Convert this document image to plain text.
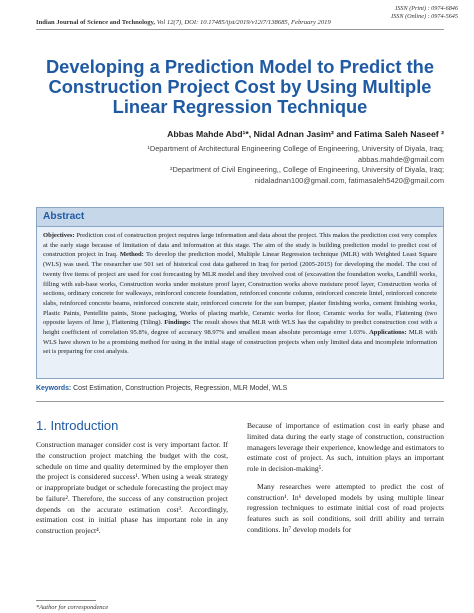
ISSN (Print) : 0974-6846
ISSN (Online) : 0974-5645
Indian Journal of Science and Technology, Vol 12(7), DOI: 10.17485/ijst/2019/v12i7/138685, February 2019
Developing a Prediction Model to Predict the Construction Project Cost by Using Multiple Linear Regression Technique
Abbas Mahde Abd¹*, Nidal Adnan Jasim² and Fatima Saleh Naseef ²
¹Department of Architectural Engineering College of Engineering, University of Diyala, Iraq;
abbas.mahde@gmail.com
²Department of Civil Engineering,, College of Engineering, University of Diyala, Iraq;
nidaladnan100@gmail.com, fatimasaleh5420@gmail.com
Abstract
Objectives: Prediction cost of construction project requires large information and data about the project. This makes the prediction cost very complex at the early stage because of limitation of data and information at this stage. The aim of the study is building prediction model to predict cost of construction project in Iraq. Method: To develop the prediction model, Multiple Linear Regression technique (MLR) with Weighted Least Square (WLS) was used. The researcher use 501 set of historical cost data gathered in Iraq for period (2005-2015) for developing the model. The cost of twenty five items of project are used for cost forecasting by MLR model and they involved cost of (excavation the foundation works, Landfill works, filling with sub-base works, Construction works under moisture proof layer, Construction works above moisture proof layer, Construction works of sections, ordinary concrete for walkways, reinforced concrete foundation, reinforced concrete column, reinforced concrete lintel, reinforced concrete slabs, reinforced concrete beams, reinforced concrete stair, reinforced concrete for the sun bumper, plaster finishing works, cement finishing works, Plastic Paints, Pentellite paints, Stone packaging, Works of placing marble, Ceramic works for floor, Ceramic works for walls, Flattening (two opposite layers of lime ), Flattening (Tiling). Findings: The result shows that MLR with WLS has the capability to predict construction cost with a height coefficient of correlation 95.8%, degree of accuracy 98.97% and smallest mean absolute percentage error 1.03%. Applications: MLR with WLS have shown to be a promising method for using in the initial stage of construction projects when only limited data and incomplete information set is preparing for cost analysis.
Keywords: Cost Estimation, Construction Projects, Regression, MLR Model, WLS
1. Introduction

Construction manager consider cost is very important factor. If the construction project matching the budget with the cost, schedule on time and quality determined by the employer then the project is considered success¹. When using a weak strategy or inappropriate budget or schedule forecasting the project may be failure². Therefore, the success of any construction project depends on the accurate estimation cost³. Accordingly, estimation cost in initial phase has important role in any construction project⁴.

Because of importance of estimation cost in early phase and limited data during the early stage of construction, construction managers leverage their experience, knowledge and estimators to estimate cost of project. As such, intuition plays an important role in decision-making⁵.

Many researches were attempted to predict the cost of construction¹. In⁶ developed models by using multiple linear regression techniques to estimate initial cost of road projects features such as soil conditions, soil drill ability and terrain conditions. In⁷ develop models for

*Author for correspondence
